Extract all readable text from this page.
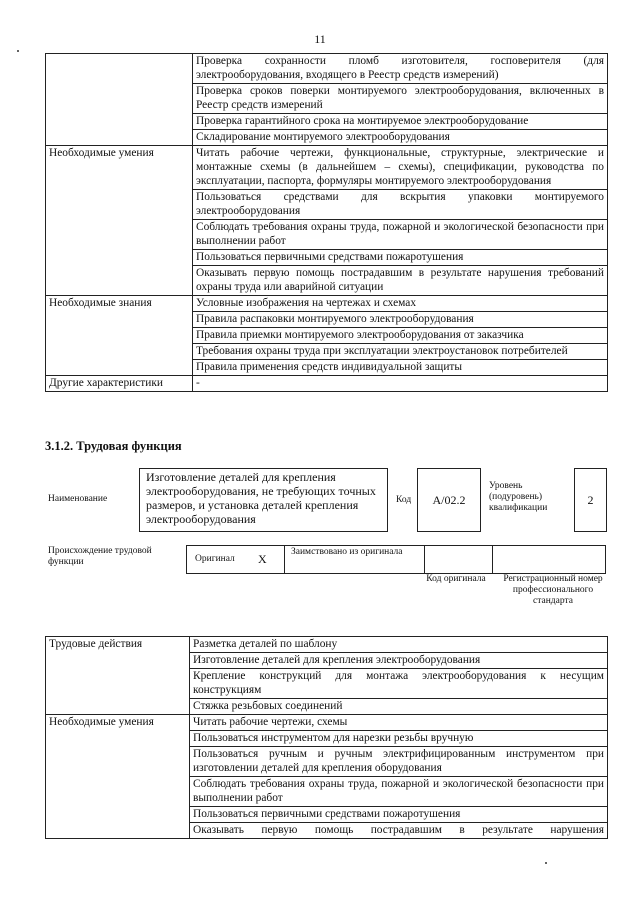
11
	Проверка сохранности пломб изготовителя, госповерителя (для электрооборудования, входящего в Реестр средств измерений)
	Проверка сроков поверки монтируемого электрооборудования, включенных в Реестр средств измерений
	Проверка гарантийного срока на монтируемое электрооборудование
	Складирование монтируемого электрооборудования
Необходимые умения	Читать рабочие чертежи, функциональные, структурные, электрические и монтажные схемы (в дальнейшем – схемы), спецификации, руководства по эксплуатации, паспорта, формуляры монтируемого электрооборудования
	Пользоваться средствами для вскрытия упаковки монтируемого электрооборудования
	Соблюдать требования охраны труда, пожарной и экологической безопасности при выполнении работ
	Пользоваться первичными средствами пожаротушения
	Оказывать первую помощь пострадавшим в результате нарушения требований охраны труда или аварийной ситуации
Необходимые знания	Условные изображения на чертежах и схемах
	Правила распаковки монтируемого электрооборудования
	Правила приемки монтируемого электрооборудования от заказчика
	Требования охраны труда при эксплуатации электроустановок потребителей
	Правила применения средств индивидуальной защиты
Другие характеристики	-
3.1.2. Трудовая функция
Наименование
Изготовление деталей для крепления электрооборудования, не требующих точных размеров, и установка деталей крепления электрооборудования
Код	A/02.2
Уровень (подуровень) квалификации
2
Происхождение трудовой функции	Оригинал X	Заимствовано из оригинала
Код оригинала	Регистрационный номер профессионального стандарта
Трудовые действия	Разметка деталей по шаблону
	Изготовление деталей для крепления электрооборудования
	Крепление конструкций для монтажа электрооборудования к несущим конструкциям
	Стяжка резьбовых соединений
Необходимые умения	Читать рабочие чертежи, схемы
	Пользоваться инструментом для нарезки резьбы вручную
	Пользоваться ручным и ручным электрифицированным инструментом при изготовлении деталей для крепления оборудования
	Соблюдать требования охраны труда, пожарной и экологической безопасности при выполнении работ
	Пользоваться первичными средствами пожаротушения
	Оказывать первую помощь пострадавшим в результате нарушения
